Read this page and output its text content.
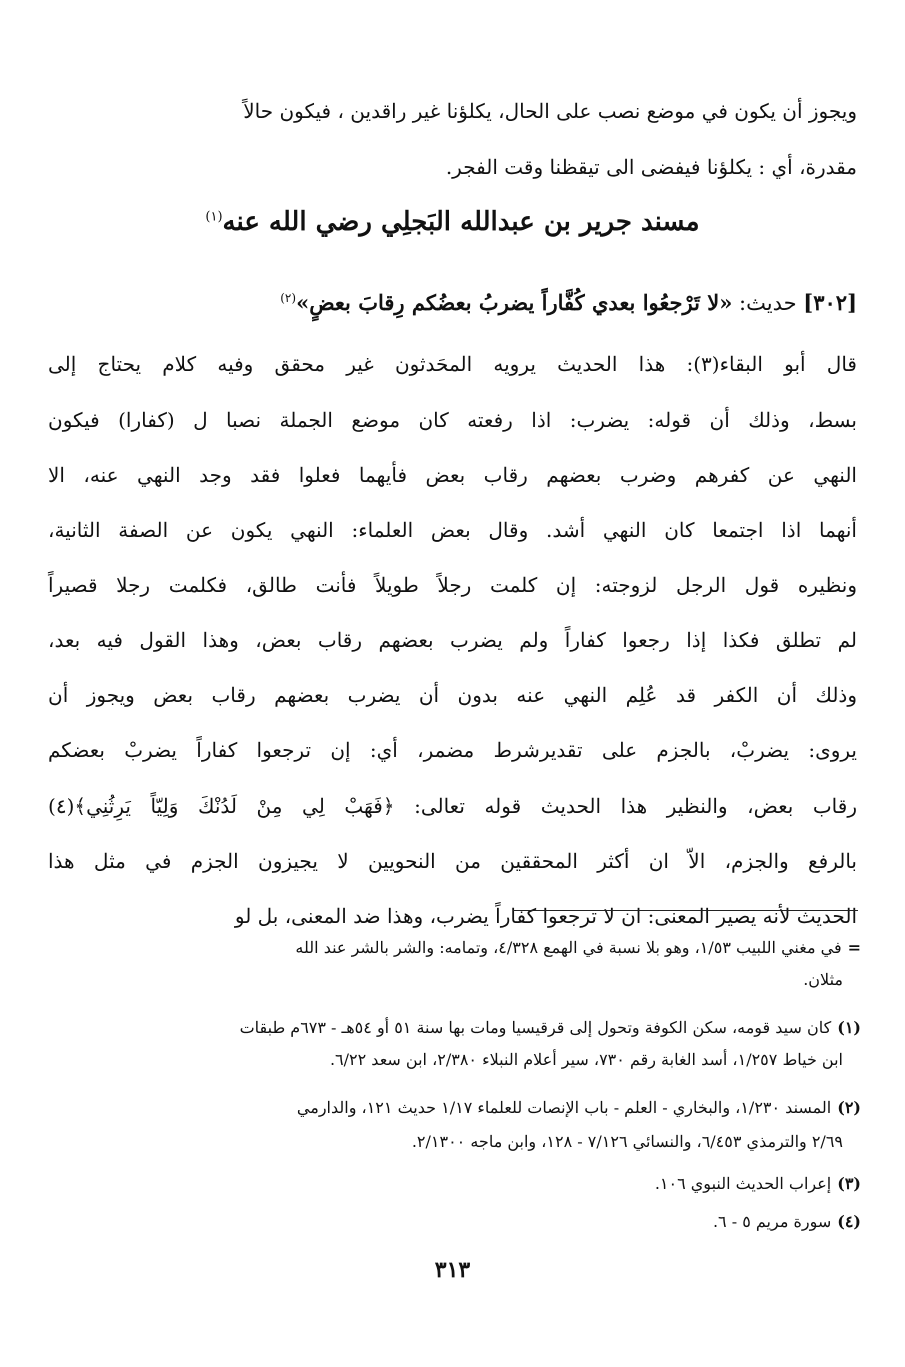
ويجوز أن يكون في موضع نصب على الحال، يكلؤنا غير راقدين ، فيكون حالاً
مقدرة، أي : يكلؤنا فيفضى الى تيقظنا وقت الفجر.
مسند جرير بن عبدالله البَجلِي رضي الله عنه$^{(١)}$
[٣٠٢] حديث: «لا تَرْجعُوا بعدي كُفَّاراً يضربُ بعضُكم رِقابَ بعضٍ»$^{(٢)}$
قال أبو البقاء(٣): هذا الحديث يرويه المحَدثون غير محقق وفيه كلام يحتاج إلى
بسط، وذلك أن قوله: يضرب: اذا رفعته كان موضع الجملة نصبا ل (كفارا) فيكون
النهي عن كفرهم وضرب بعضهم رقاب بعض فأيهما فعلوا فقد وجد النهي عنه، الا
أنهما اذا اجتمعا كان النهي أشد. وقال بعض العلماء: النهي يكون عن الصفة الثانية،
ونظيره قول الرجل لزوجته: إن كلمت رجلاً طويلاً فأنت طالق، فكلمت رجلا قصيراً
لم تطلق فكذا إذا رجعوا كفاراً ولم يضرب بعضهم رقاب بعض، وهذا القول فيه بعد،
وذلك أن الكفر قد عُلِم النهي عنه بدون أن يضرب بعضهم رقاب بعض ويجوز أن
يروى: يضربْ، بالجزم على تقديرشرط مضمر، أي: إن ترجعوا كفاراً يضربْ بعضكم
رقاب بعض، والنظير هذا الحديث قوله تعالى: ﴿فَهَبْ لِي مِنْ لَدُنْكَ وَلِيّاً يَرِثُنِي﴾(٤)
بالرفع والجزم، الاّ ان أكثر المحققين من النحويين لا يجيزون الجزم في مثل هذا
الحديث لأنه يصير المعنى: ان لا ترجعوا كفاراً يضرب، وهذا ضد المعنى، بل لو
=في مغني اللبيب ١/٥٣، وهو بلا نسبة في الهمع ٤/٣٢٨، وتمامه: والشر بالشر عند الله
مثلان.
(١)كان سيد قومه، سكن الكوفة وتحول إلى قرقيسيا ومات بها سنة ٥١ أو ٥٤هـ - ٦٧٣م طبقات
ابن خياط ١/٢٥٧، أسد الغابة رقم ٧٣٠، سير أعلام النبلاء ٢/٣٨٠، ابن سعد ٦/٢٢.
(٢)المسند ١/٢٣٠، والبخاري - العلم - باب الإنصات للعلماء ١/١٧ حديث ١٢١، والدارمي
٢/٦٩ والترمذي ٦/٤٥٣، والنسائي ٧/١٢٦ - ١٢٨، وابن ماجه ٢/١٣٠٠.
(٣)إعراب الحديث النبوي ١٠٦.
(٤)سورة مريم ٥ - ٦.
٣١٣
